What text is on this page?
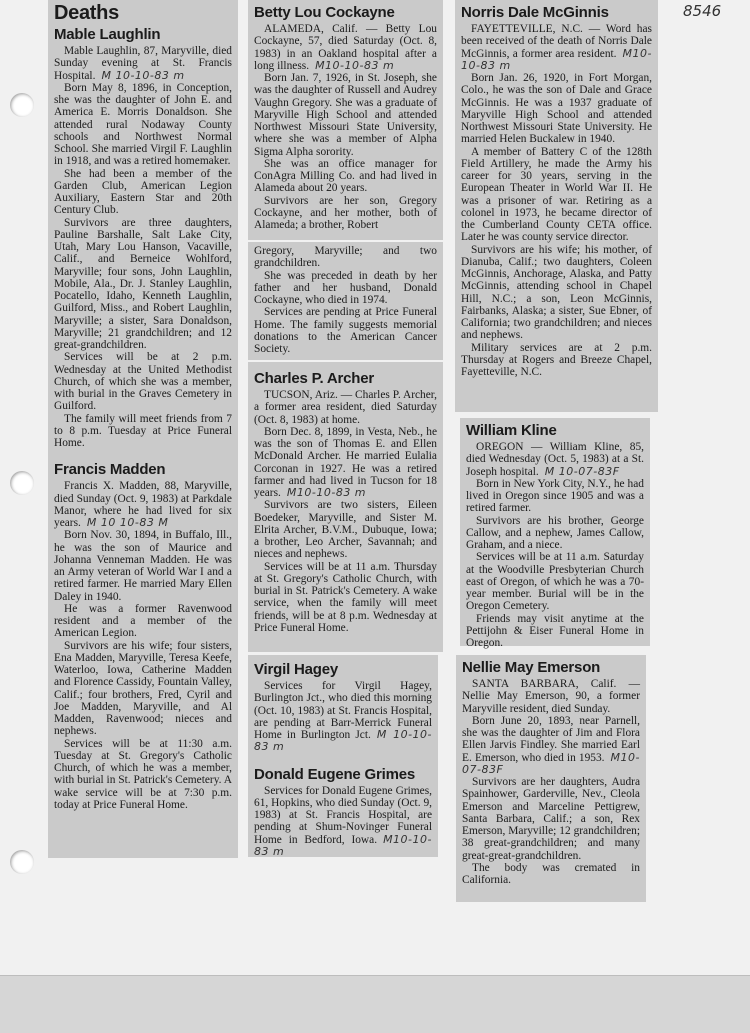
8546
Deaths
Mable Laughlin

Mable Laughlin, 87, Maryville, died Sunday evening at St. Francis Hospital. M 10-10-83 m

Born May 8, 1896, in Conception, she was the daughter of John E. and America E. Morris Donaldson. She attended rural Nodaway County schools and Northwest Normal School. She married Virgil F. Laughlin in 1918, and was a retired homemaker.

She had been a member of the Garden Club, American Legion Auxiliary, Eastern Star and 20th Century Club.

Survivors are three daughters, Pauline Barshalle, Salt Lake City, Utah, Mary Lou Hanson, Vacaville, Calif., and Berneice Wohlford, Maryville; four sons, John Laughlin, Mobile, Ala., Dr. J. Stanley Laughlin, Pocatello, Idaho, Kenneth Laughlin, Guilford, Miss., and Robert Laughlin, Maryville; a sister, Sara Donaldson, Maryville; 21 grandchildren; and 12 great-grandchildren.

Services will be at 2 p.m. Wednesday at the United Methodist Church, of which she was a member, with burial in the Graves Cemetery in Guilford.

The family will meet friends from 7 to 8 p.m. Tuesday at Price Funeral Home.

Francis Madden

Francis X. Madden, 88, Maryville, died Sunday (Oct. 9, 1983) at Parkdale Manor, where he had lived for six years. M 10 10-83 M

Born Nov. 30, 1894, in Buffalo, Ill., he was the son of Maurice and Johanna Venneman Madden. He was an Army veteran of World War I and a retired farmer. He married Mary Ellen Daley in 1940.

He was a former Ravenwood resident and a member of the American Legion.

Survivors are his wife; four sisters, Ena Madden, Maryville, Teresa Keefe, Waterloo, Iowa, Catherine Madden and Florence Cassidy, Fountain Valley, Calif.; four brothers, Fred, Cyril and Joe Madden, Maryville, and Al Madden, Ravenwood; nieces and nephews.

Services will be at 11:30 a.m. Tuesday at St. Gregory's Catholic Church, of which he was a member, with burial in St. Patrick's Cemetery. A wake service will be at 7:30 p.m. today at Price Funeral Home.

Betty Lou Cockayne

ALAMEDA, Calif. — Betty Lou Cockayne, 57, died Saturday (Oct. 8, 1983) in an Oakland hospital after a long illness. M10-10-83 m

Born Jan. 7, 1926, in St. Joseph, she was the daughter of Russell and Audrey Vaughn Gregory. She was a graduate of Maryville High School and attended Northwest Missouri State University, where she was a member of Alpha Sigma Alpha sorority.

She was an office manager for ConAgra Milling Co. and had lived in Alameda about 20 years.

Survivors are her son, Gregory Cockayne, and her mother, both of Alameda; a brother, Robert

Gregory, Maryville; and two grandchildren.

She was preceded in death by her father and her husband, Donald Cockayne, who died in 1974.

Services are pending at Price Funeral Home. The family suggests memorial donations to the American Cancer Society.

Charles P. Archer

TUCSON, Ariz. — Charles P. Archer, a former area resident, died Saturday (Oct. 8, 1983) at home.

Born Dec. 8, 1899, in Vesta, Neb., he was the son of Thomas E. and Ellen McDonald Archer. He married Eulalia Corconan in 1927. He was a retired farmer and had lived in Tucson for 18 years. M10-10-83 m

Survivors are two sisters, Eileen Boedeker, Maryville, and Sister M. Elrita Archer, B.V.M., Dubuque, Iowa; a brother, Leo Archer, Savannah; and nieces and nephews.

Services will be at 11 a.m. Thursday at St. Gregory's Catholic Church, with burial in St. Patrick's Cemetery. A wake service, when the family will meet friends, will be at 8 p.m. Wednesday at Price Funeral Home.

Virgil Hagey

Services for Virgil Hagey, Burlington Jct., who died this morning (Oct. 10, 1983) at St. Francis Hospital, are pending at Barr-Merrick Funeral Home in Burlington Jct. M 10-10-83 m

Donald Eugene Grimes

Services for Donald Eugene Grimes, 61, Hopkins, who died Sunday (Oct. 9, 1983) at St. Francis Hospital, are pending at Shum-Novinger Funeral Home in Bedford, Iowa. M10-10-83 m

Norris Dale McGinnis

FAYETTEVILLE, N.C. — Word has been received of the death of Norris Dale McGinnis, a former area resident. M10-10-83 m

Born Jan. 26, 1920, in Fort Morgan, Colo., he was the son of Dale and Grace McGinnis. He was a 1937 graduate of Maryville High School and attended Northwest Missouri State University. He married Helen Buckalew in 1940.

A member of Battery C of the 128th Field Artillery, he made the Army his career for 30 years, serving in the European Theater in World War II. He was a prisoner of war. Retiring as a colonel in 1973, he became director of the Cumberland County CETA office. Later he was county service director.

Survivors are his wife; his mother, of Dianuba, Calif.; two daughters, Coleen McGinnis, Anchorage, Alaska, and Patty McGinnis, attending school in Chapel Hill, N.C.; a son, Leon McGinnis, Fairbanks, Alaska; a sister, Sue Ebner, of California; two grandchildren; and nieces and nephews.

Military services are at 2 p.m. Thursday at Rogers and Breeze Chapel, Fayetteville, N.C.

William Kline

OREGON — William Kline, 85, died Wednesday (Oct. 5, 1983) at a St. Joseph hospital. M 10-07-83F

Born in New York City, N.Y., he had lived in Oregon since 1905 and was a retired farmer.

Survivors are his brother, George Callow, and a nephew, James Callow, Graham, and a niece.

Services will be at 11 a.m. Saturday at the Woodville Presbyterian Church east of Oregon, of which he was a 70-year member. Burial will be in the Oregon Cemetery.

Friends may visit anytime at the Pettijohn & Eiser Funeral Home in Oregon.

Nellie May Emerson

SANTA BARBARA, Calif. — Nellie May Emerson, 90, a former Maryville resident, died Sunday.

Born June 20, 1893, near Parnell, she was the daughter of Jim and Flora Ellen Jarvis Findley. She married Earl E. Emerson, who died in 1953. M10-07-83F

Survivors are her daughters, Audra Spainhower, Garderville, Nev., Cleola Emerson and Marceline Pettigrew, Santa Barbara, Calif.; a son, Rex Emerson, Maryville; 12 grandchildren; 38 great-grandchildren; and many great-great-grandchildren.

The body was cremated in California.
